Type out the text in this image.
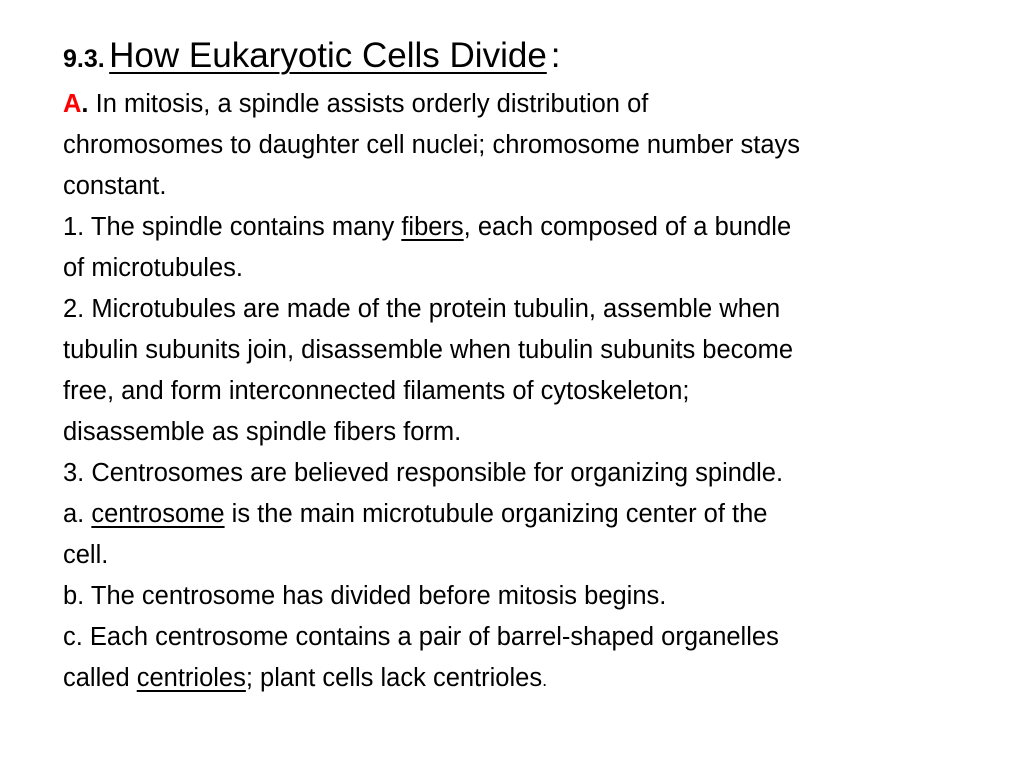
9.3. How Eukaryotic Cells Divide :
A. In mitosis, a spindle assists orderly distribution of
chromosomes to daughter cell nuclei; chromosome number stays
constant.
1. The spindle contains many fibers, each composed of a bundle
of microtubules.
2. Microtubules are made of the protein tubulin, assemble when
tubulin subunits join, disassemble when tubulin subunits become
free, and form interconnected filaments of cytoskeleton;
disassemble as spindle fibers form.
3. Centrosomes are believed responsible for organizing spindle.
a. centrosome is the main microtubule organizing center of the
cell.
b. The centrosome has divided before mitosis begins.
c. Each centrosome contains a pair of barrel-shaped organelles
called centrioles; plant cells lack centrioles.
